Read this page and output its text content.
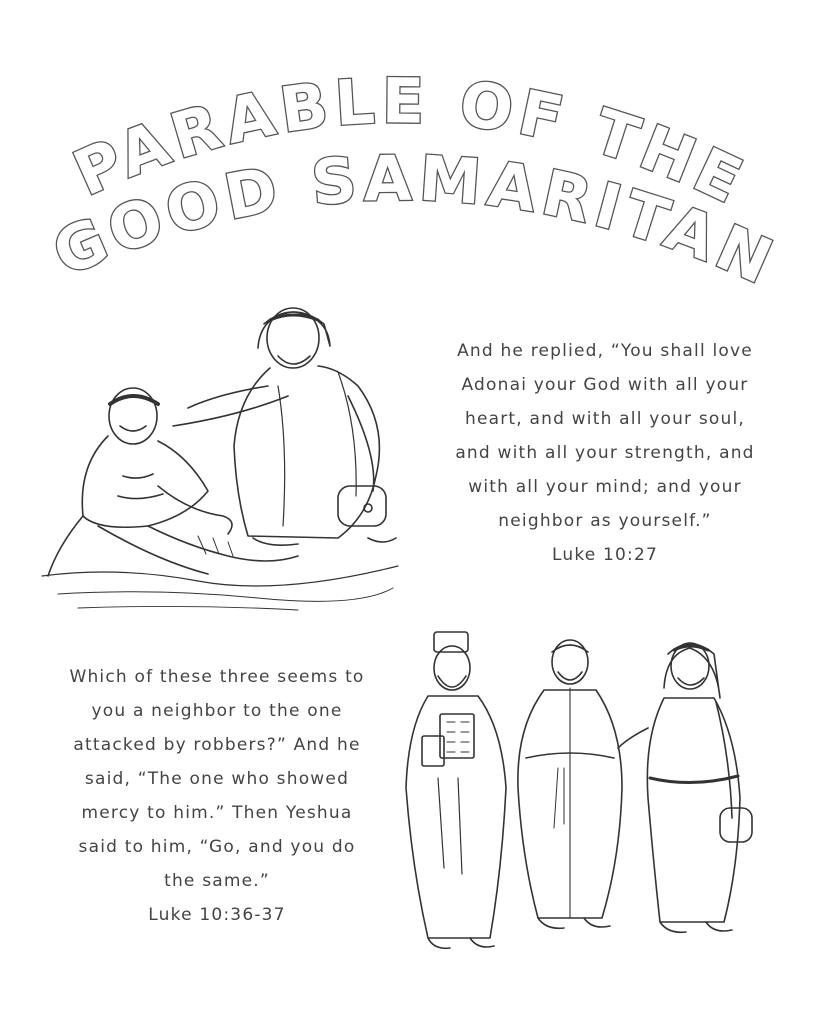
PARABLE OF THE
GOOD SAMARITAN

And he replied, “You shall love

Adonai your God with all your

heart, and with all your soul,

and with all your strength, and

with all your mind; and your

neighbor as yourself.”

Luke 10:27

Which of these three seems to

you a neighbor to the one

attacked by robbers?” And he

said, “The one who showed

mercy to him.” Then Yeshua

said to him, “Go, and you do

the same.”

Luke 10:36-37
